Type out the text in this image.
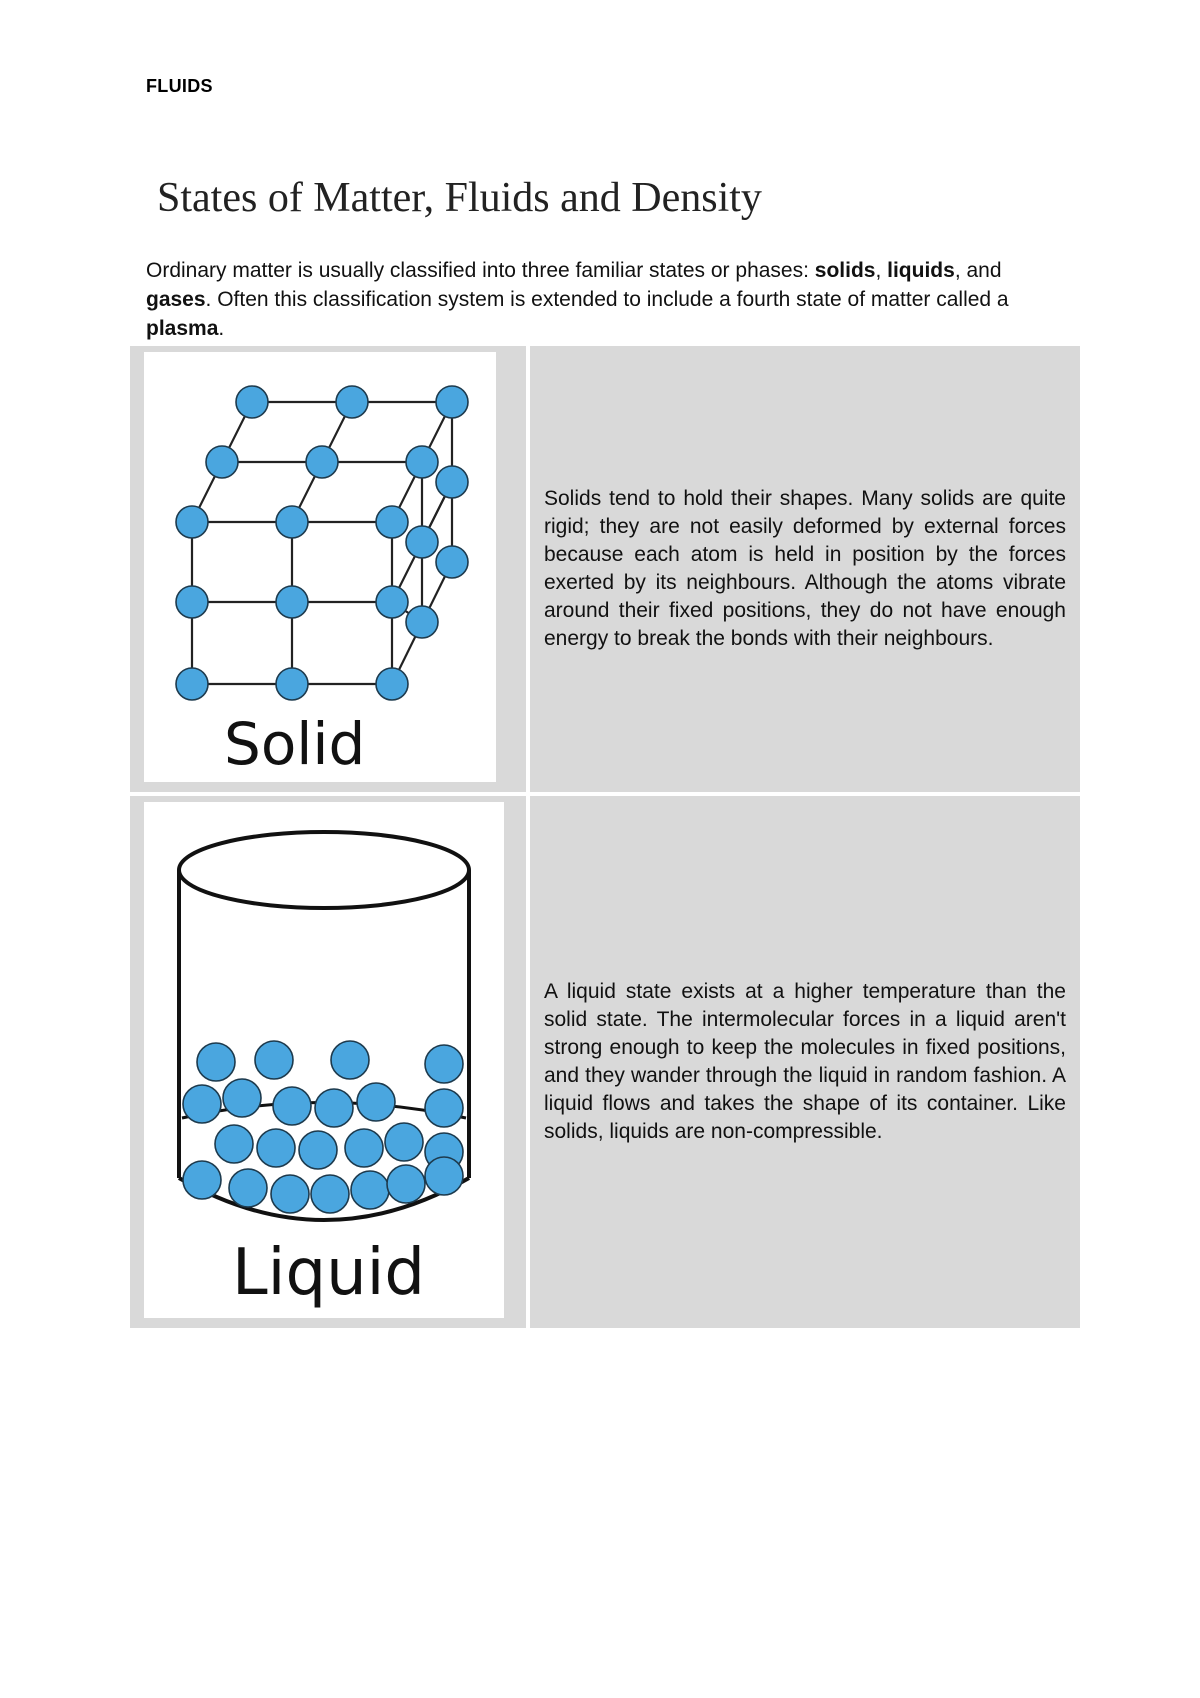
FLUIDS
States of Matter, Fluids and Density
Ordinary matter is usually classified into three familiar states or phases: solids, liquids, and gases. Often this classification system is extended to include a fourth state of matter called a plasma.
Solid

Solids tend to hold their shapes. Many solids are quite rigid; they are not easily deformed by external forces because each atom is held in position by the forces exerted by its neighbours. Although the atoms vibrate around their fixed positions, they do not have enough energy to break the bonds with their neighbours.

Liquid

A liquid state exists at a higher temperature than the solid state. The intermolecular forces in a liquid aren't strong enough to keep the molecules in fixed positions, and they wander through the liquid in random fashion. A liquid flows and takes the shape of its container. Like solids, liquids are non-compressible.
